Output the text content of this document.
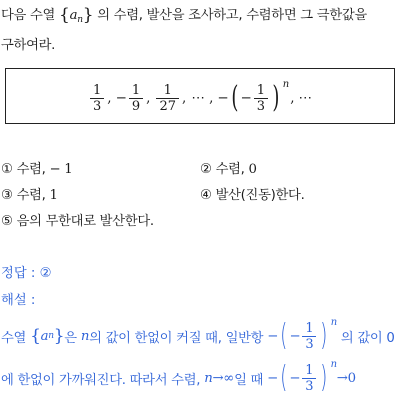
다음 수열 $\{a_n\}$ 의 수렴, 발산을 조사하고, 수렴하면 그 극한값을
구하여라.
$\frac{1}{3}$ , − $\frac{1}{9}$ , $\frac{1}{27}$ , ⋯ , − ( − $\frac{1}{3}$ ) n
, ⋯
① 수렴, − 1	② 수렴, 0
③ 수렴, 1	④ 발산(진동)한다.
⑤ 음의 무한대로 발산한다.
정답 : ②
해설 :
수열 { a n } 은 n 의 값이 한없이 커질 때, 일반항 − ( − $\frac{1}{3}$ ) n
의 값이 0
에 한없이 가까워진다. 따라서 수렴, n →∞ 일 때 − ( − $\frac{1}{3}$ ) n
→0
